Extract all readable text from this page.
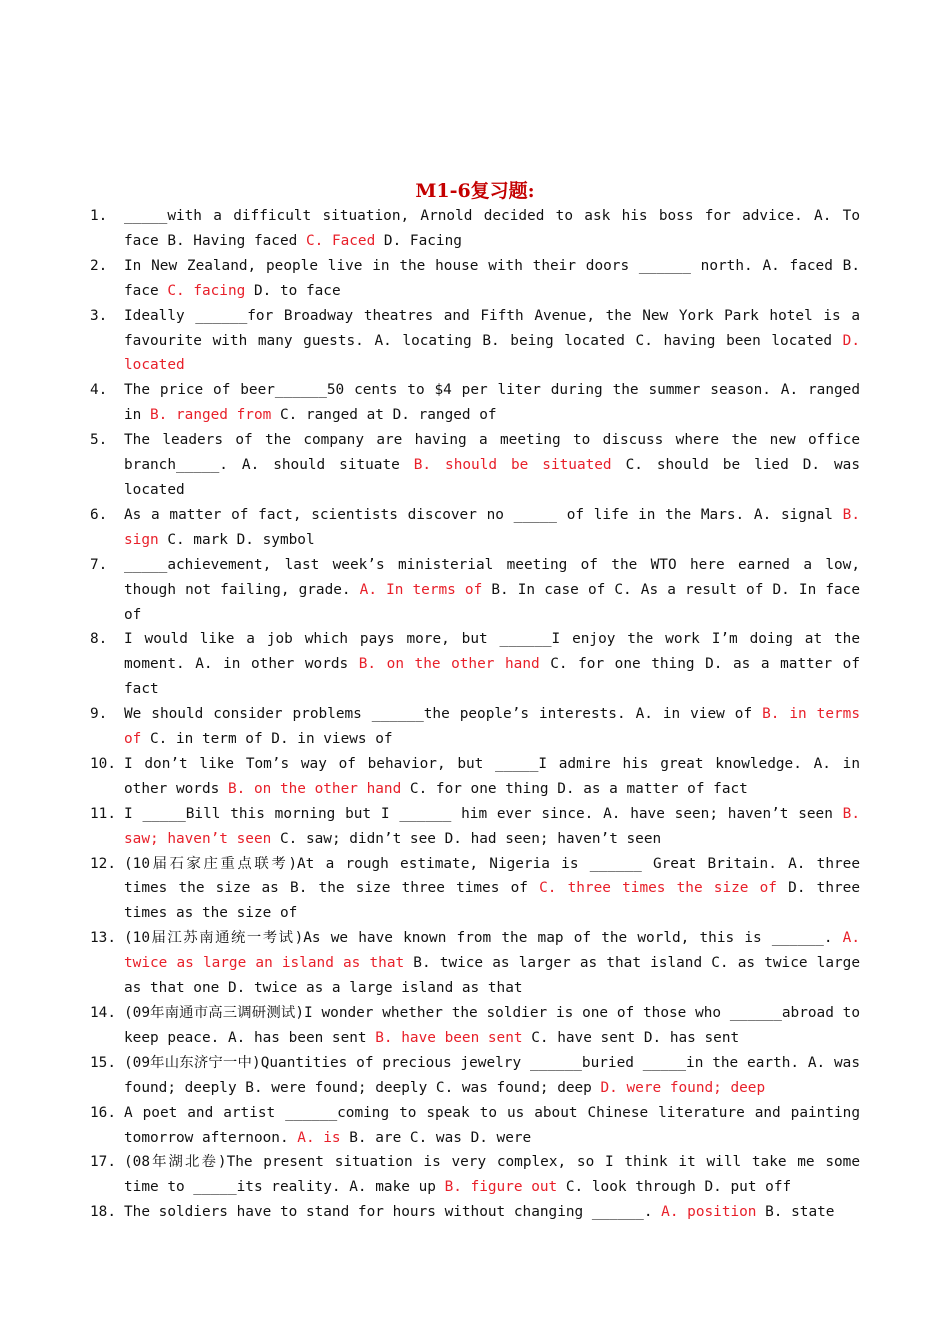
M1-6复习题:
1. _____with a difficult situation, Arnold decided to ask his boss for advice. A. To face B. Having faced C. Faced D. Facing
2. In New Zealand, people live in the house with their doors ______ north. A. faced B. face C. facing D. to face
3. Ideally ______for Broadway theatres and Fifth Avenue, the New York Park hotel is a favourite with many guests. A. locating B. being located C. having been located D. located
4. The price of beer______50 cents to $4 per liter during the summer season. A. ranged in B. ranged from C. ranged at D. ranged of
5. The leaders of the company are having a meeting to discuss where the new office branch_____. A. should situate B. should be situated C. should be lied D. was located
6. As a matter of fact, scientists discover no _____ of life in the Mars. A. signal B. sign C. mark D. symbol
7. _____achievement, last week’s ministerial meeting of the WTO here earned a low, though not failing, grade. A. In terms of B. In case of C. As a result of D. In face of
8. I would like a job which pays more, but ______I enjoy the work I’m doing at the moment. A. in other words B. on the other hand C. for one thing D. as a matter of fact
9. We should consider problems ______the people’s interests. A. in view of B. in terms of C. in term of D. in views of
10. I don’t like Tom’s way of behavior, but _____I admire his great knowledge. A. in other words B. on the other hand C. for one thing D. as a matter of fact
11. I _____Bill this morning but I ______ him ever since. A. have seen; haven’t seen B. saw; haven’t seen C. saw; didn’t see D. had seen; haven’t seen
12. (10届石家庄重点联考)At a rough estimate, Nigeria is ______ Great Britain. A. three times the size as B. the size three times of C. three times the size of D. three times as the size of
13. (10届江苏南通统一考试)As we have known from the map of the world, this is ______. A. twice as large an island as that B. twice as larger as that island C. as twice large as that one D. twice as a large island as that
14. (09年南通市高三调研测试)I wonder whether the soldier is one of those who ______abroad to keep peace. A. has been sent B. have been sent C. have sent D. has sent
15. (09年山东济宁一中)Quantities of precious jewelry ______buried _____in the earth. A. was found; deeply B. were found; deeply C. was found; deep D. were found; deep
16. A poet and artist ______coming to speak to us about Chinese literature and painting tomorrow afternoon. A. is B. are C. was D. were
17. (08年湖北卷)The present situation is very complex, so I think it will take me some time to _____its reality. A. make up B. figure out C. look through D. put off
18. The soldiers have to stand for hours without changing ______. A. position B. state
